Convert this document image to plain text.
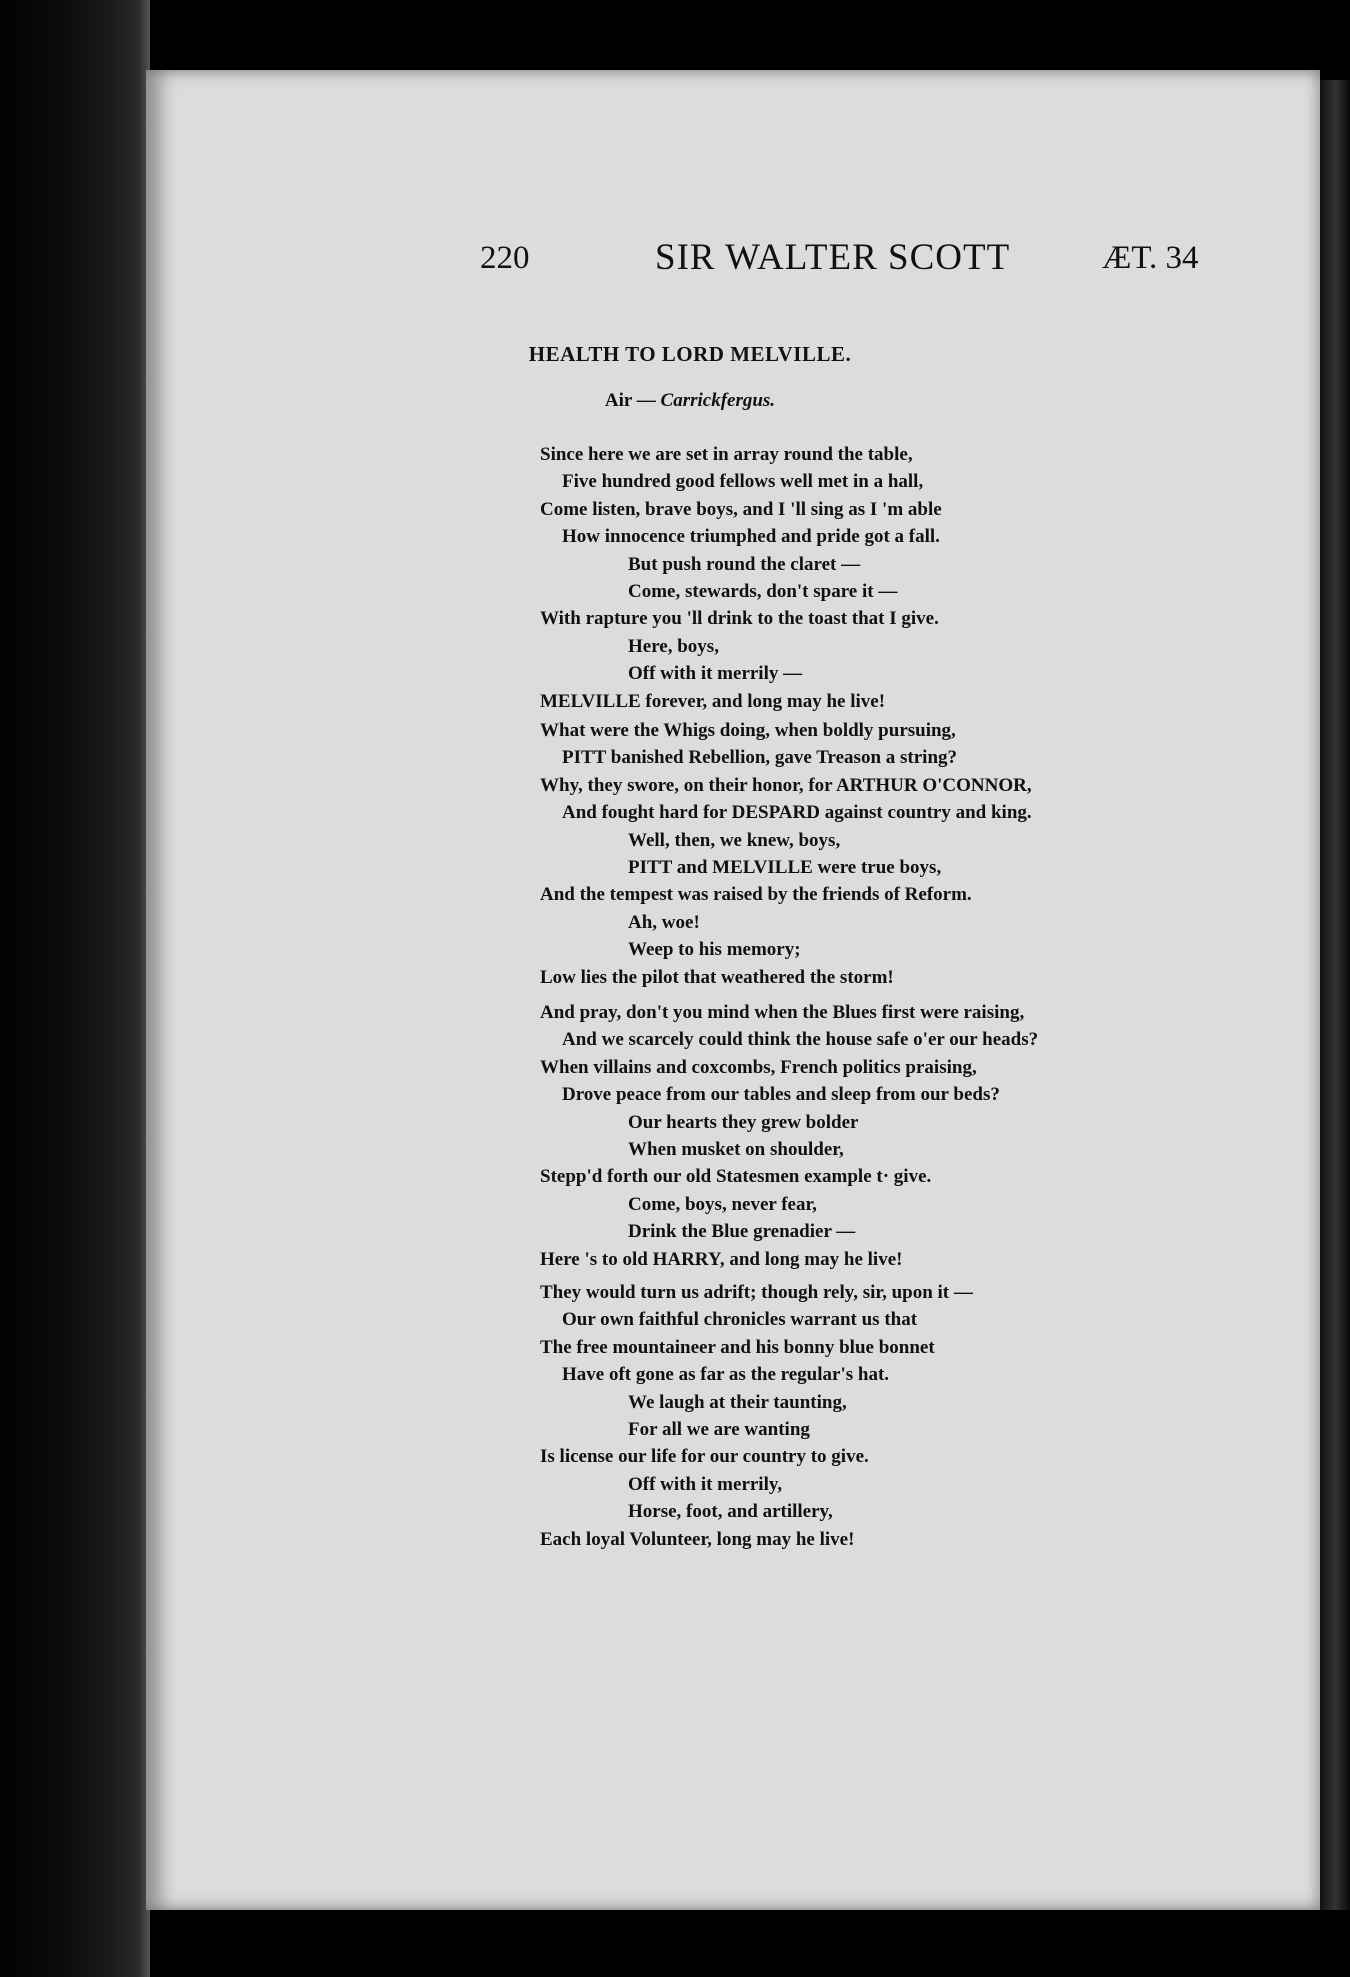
220	SIR WALTER SCOTT	ÆT. 34
HEALTH TO LORD MELVILLE.
Air — Carrickfergus.
Since here we are set in array round the table,
Five hundred good fellows well met in a hall,
Come listen, brave boys, and I 'll sing as I 'm able
How innocence triumphed and pride got a fall.
But push round the claret —
Come, stewards, don't spare it —
With rapture you 'll drink to the toast that I give.
Here, boys,
Off with it merrily —
MELVILLE forever, and long may he live!
What were the Whigs doing, when boldly pursuing,
PITT banished Rebellion, gave Treason a string?
Why, they swore, on their honor, for ARTHUR O'CONNOR,
And fought hard for DESPARD against country and king.
Well, then, we knew, boys,
PITT and MELVILLE were true boys,
And the tempest was raised by the friends of Reform.
Ah, woe!
Weep to his memory;
Low lies the pilot that weathered the storm!
And pray, don't you mind when the Blues first were raising,
And we scarcely could think the house safe o'er our heads?
When villains and coxcombs, French politics praising,
Drove peace from our tables and sleep from our beds?
Our hearts they grew bolder
When musket on shoulder,
Stepp'd forth our old Statesmen example t· give.
Come, boys, never fear,
Drink the Blue grenadier —
Here 's to old HARRY, and long may he live!
They would turn us adrift; though rely, sir, upon it —
Our own faithful chronicles warrant us that
The free mountaineer and his bonny blue bonnet
Have oft gone as far as the regular's hat.
We laugh at their taunting,
For all we are wanting
Is license our life for our country to give.
Off with it merrily,
Horse, foot, and artillery,
Each loyal Volunteer, long may he live!
